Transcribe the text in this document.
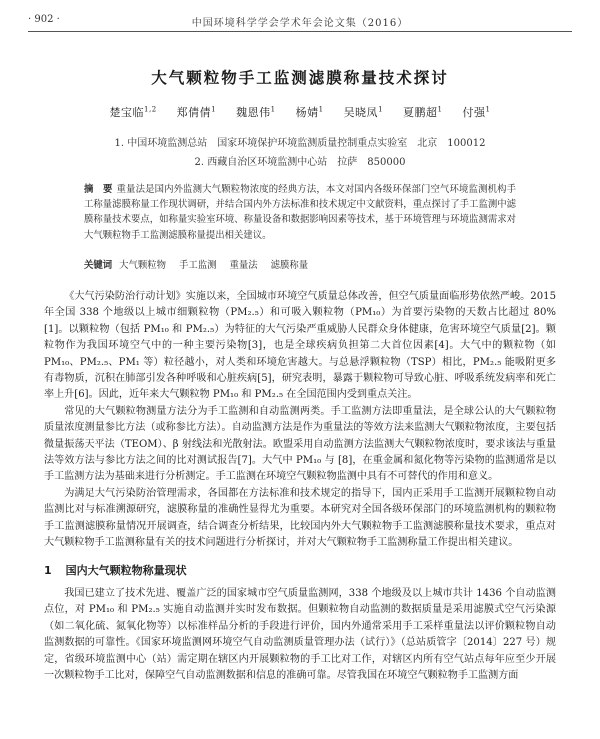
· 902 ·	中国环境科学学会学术年会论文集（2016）
大气颗粒物手工监测滤膜称量技术探讨
楚宝临$^{1,2}$ 郑倩倩$^1$ 魏恩伟$^1$ 杨婧$^1$ 吴晓凤$^1$ 夏鹏超$^1$ 付强$^1$
1. 中国环境监测总站　国家环境保护环境监测质量控制重点实验室　北京　100012
2. 西藏自治区环境监测中心站　拉萨　850000
摘　要 重量法是国内外监测大气颗粒物浓度的经典方法，本文对国内各级环保部门空气环境监测机构手工称量滤膜称量工作现状调研，并结合国内外方法标准和技术规定中文献资料，重点探讨了手工监测中滤膜称量技术要点，如称量实验室环境、称量设备和数据影响因素等技术，基于环境管理与环境监测需求对大气颗粒物手工监测滤膜称量提出相关建议。
关键词 大气颗粒物 手工监测 重量法 滤膜称量

《大气污染防治行动计划》实施以来，全国城市环境空气质量总体改善，但空气质量面临形势依然严峻。2015 年全国 338 个地级以上城市细颗粒物（PM₂.₅）和可吸入颗粒物（PM₁₀）为首要污染物的天数占比超过 80%[1]。以颗粒物（包括 PM₁₀ 和 PM₂.₅）为特征的大气污染严重威胁人民群众身体健康，危害环境空气质量[2]。颗粒物作为我国环境空气中的一种主要污染物[3]，也是全球疾病负担第二大首位因素[4]。大气中的颗粒物（如 PM₁₀、PM₂.₅、PM₁ 等）粒径越小，对人类和环境危害越大。与总悬浮颗粒物（TSP）相比，PM₂.₅ 能吸附更多有毒物质，沉积在肺部引发各种呼吸和心脏疾病[5]，研究表明，暴露于颗粒物可导致心脏、呼吸系统发病率和死亡率上升[6]。因此，近年来大气颗粒物 PM₁₀ 和 PM₂.₅ 在全国范围内受到重点关注。

常见的大气颗粒物测量方法分为手工监测和自动监测两类。手工监测方法即重量法，是全球公认的大气颗粒物质量浓度测量参比方法（或称参比方法）。自动监测方法是作为重量法的等效方法来监测大气颗粒物浓度，主要包括微量振荡天平法（TEOM）、β 射线法和光散射法。欧盟采用自动监测方法监测大气颗粒物浓度时，要求该法与重量法等效方法与参比方法之间的比对测试报告[7]。大气中 PM₁₀ 与 [8]，在重金属和氮化物等污染物的监测通常是以手工监测方法为基础来进行分析测定。手工监测在环境空气颗粒物监测中具有不可替代的作用和意义。

为满足大气污染防治管理需求，各国都在方法标准和技术规定的指导下，国内正采用手工监测开展颗粒物自动监测比对与标准溯源研究，滤膜称量的准确性显得尤为重要。本研究对全国各级环保部门的环境监测机构的颗粒物手工监测滤膜称量情况开展调查，结合调查分析结果，比较国内外大气颗粒物手工监测滤膜称量技术要求，重点对大气颗粒物手工监测称量有关的技术问题进行分析探讨，并对大气颗粒物手工监测称量工作提出相关建议。

1 国内大气颗粒物称量现状

我国已建立了技术先进、覆盖广泛的国家城市空气质量监测网，338 个地级及以上城市共计 1436 个自动监测点位，对 PM₁₀ 和 PM₂.₅ 实施自动监测并实时发布数据。但颗粒物自动监测的数据质量是采用滤膜式空气污染源（如二氧化硫、氮氧化物等）以标准样品分析的手段进行评价，国内外通常采用手工采样重量法以评价颗粒物自动监测数据的可靠性。《国家环境监测网环境空气自动监测质量管理办法（试行）》（总站质管字〔2014〕227 号）规定，省级环境监测中心（站）需定期在辖区内开展颗粒物的手工比对工作，对辖区内所有空气站点每年应至少开展一次颗粒物手工比对，保障空气自动监测数据和信息的准确可靠。尽管我国在环境空气颗粒物手工监测方面
